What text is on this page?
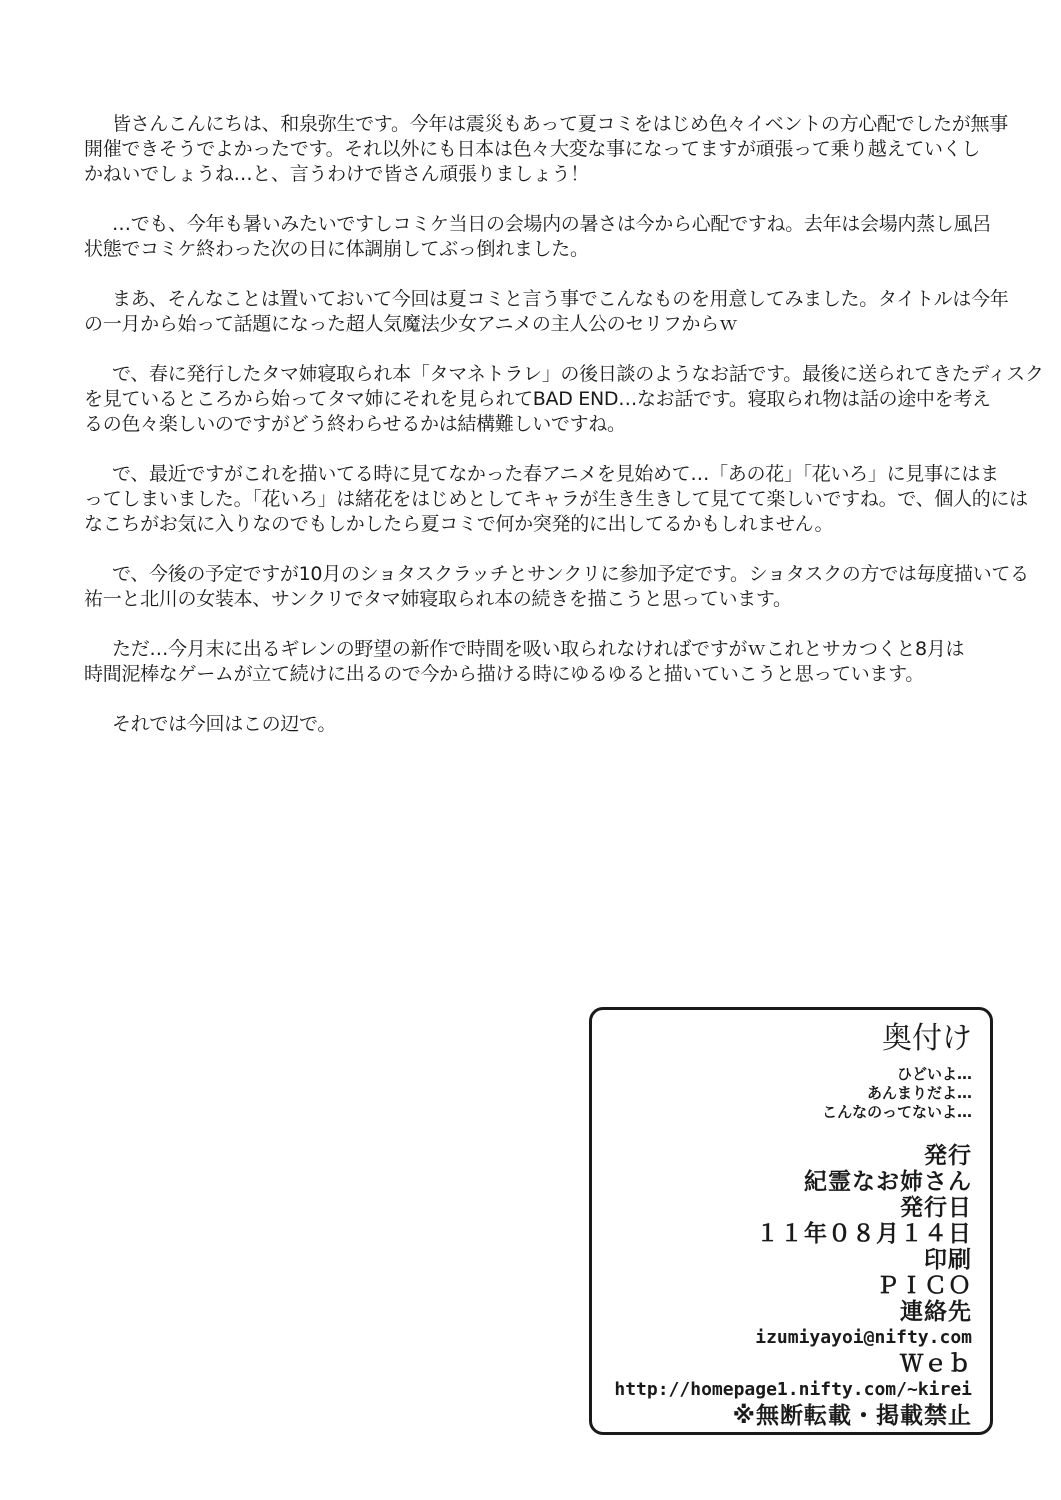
皆さんこんにちは、和泉弥生です。今年は震災もあって夏コミをはじめ色々イベントの方心配でしたが無事
開催できそうでよかったです。それ以外にも日本は色々大変な事になってますが頑張って乗り越えていくし
かねいでしょうね…と、言うわけで皆さん頑張りましょう！
…でも、今年も暑いみたいですしコミケ当日の会場内の暑さは今から心配ですね。去年は会場内蒸し風呂
状態でコミケ終わった次の日に体調崩してぶっ倒れました。
まあ、そんなことは置いておいて今回は夏コミと言う事でこんなものを用意してみました。タイトルは今年
の一月から始って話題になった超人気魔法少女アニメの主人公のセリフからｗ
で、春に発行したタマ姉寝取られ本「タマネトラレ」の後日談のようなお話です。最後に送られてきたディスク
を見ているところから始ってタマ姉にそれを見られてBAD END…なお話です。寝取られ物は話の途中を考え
るの色々楽しいのですがどう終わらせるかは結構難しいですね。
で、最近ですがこれを描いてる時に見てなかった春アニメを見始めて…「あの花」「花いろ」に見事にはま
ってしまいました。「花いろ」は緒花をはじめとしてキャラが生き生きして見てて楽しいですね。で、個人的には
なこちがお気に入りなのでもしかしたら夏コミで何か突発的に出してるかもしれません。
で、今後の予定ですが10月のショタスクラッチとサンクリに参加予定です。ショタスクの方では毎度描いてる
祐一と北川の女装本、サンクリでタマ姉寝取られ本の続きを描こうと思っています。
ただ…今月末に出るギレンの野望の新作で時間を吸い取られなければですがｗこれとサカつくと8月は
時間泥棒なゲームが立て続けに出るので今から描ける時にゆるゆると描いていこうと思っています。
それでは今回はこの辺で。
奥付け
ひどいよ…
あんまりだよ…
こんなのってないよ…
発行
紀霊なお姉さん
発行日
１１年０８月１４日
印刷
ＰＩＣＯ
連絡先
izumiyayoi@nifty.com
Ｗｅｂ
http://homepage1.nifty.com/~kirei
※無断転載・掲載禁止
